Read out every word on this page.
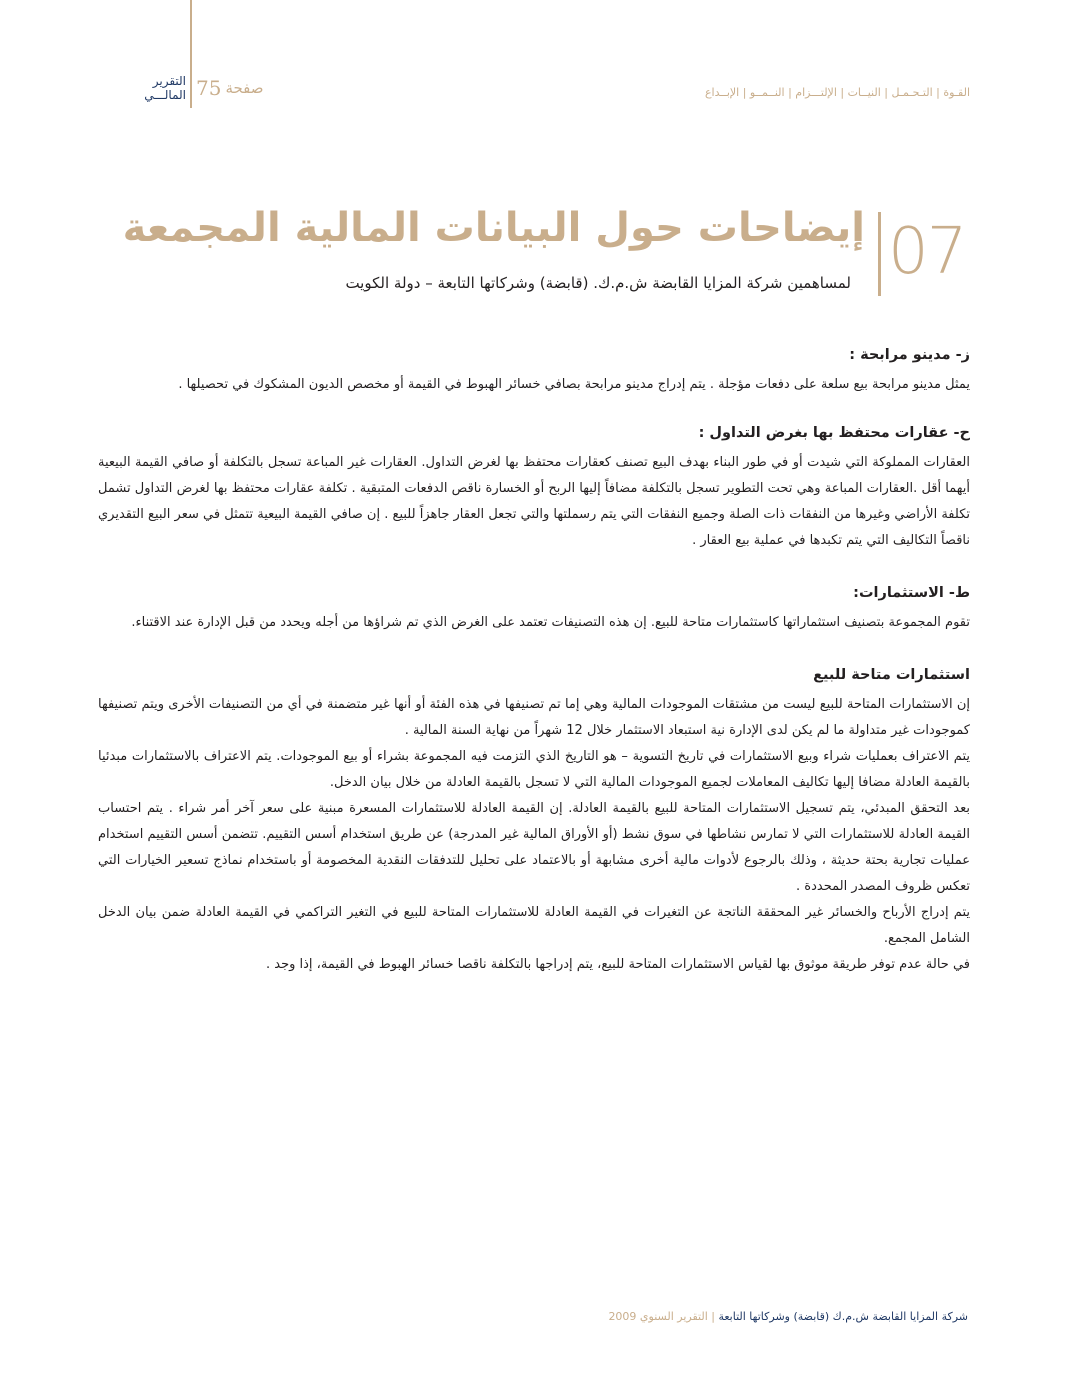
التقرير
المالـــي 75 صفحة	القـوة | التـحـمـل | النيــات | الإلتـــزام | النــمــو | الإبــداع
07
إيضاحات حول البيانات المالية المجمعة
لمساهمين شركة المزايا القابضة ش.م.ك. (قابضة) وشركاتها التابعة – دولة الكويت
ز- مدينو مرابحة :

يمثل مدينو مرابحة بيع سلعة على دفعات مؤجلة . يتم إدراج مدينو مرابحة بصافي خسائر الهبوط في القيمة أو مخصص الديون المشكوك في تحصيلها .

ح- عقارات محتفظ بها بغرض التداول :

العقارات المملوكة التي شيدت أو في طور البناء بهدف البيع تصنف كعقارات محتفظ بها لغرض التداول. العقارات غير المباعة تسجل بالتكلفة أو صافي القيمة البيعية أيهما أقل .العقارات المباعة وهي تحت التطوير تسجل بالتكلفة مضافاً إليها الربح أو الخسارة ناقص الدفعات المتبقية . تكلفة عقارات محتفظ بها لغرض التداول تشمل تكلفة الأراضي وغيرها من النفقات ذات الصلة وجميع النفقات التي يتم رسملتها والتي تجعل العقار جاهزاً للبيع . إن صافي القيمة البيعية تتمثل في سعر البيع التقديري ناقصاً التكاليف التي يتم تكبدها في عملية بيع العقار .

ط- الاستثمارات:

تقوم المجموعة بتصنيف استثماراتها كاستثمارات متاحة للبيع. إن هذه التصنيفات تعتمد على الغرض الذي تم شراؤها من أجله ويحدد من قبل الإدارة عند الاقتناء.

استثمارات متاحة للبيع

إن الاستثمارات المتاحة للبيع ليست من مشتقات الموجودات المالية وهي إما تم تصنيفها في هذه الفئة أو أنها غير متضمنة في أي من التصنيفات الأخرى ويتم تصنيفها كموجودات غير متداولة ما لم يكن لدى الإدارة نية استبعاد الاستثمار خلال 12 شهراً من نهاية السنة المالية .

يتم الاعتراف بعمليات شراء وبيع الاستثمارات في تاريخ التسوية – هو التاريخ الذي التزمت فيه المجموعة بشراء أو بيع الموجودات. يتم الاعتراف بالاستثمارات مبدئيا بالقيمة العادلة مضافا إليها تكاليف المعاملات لجميع الموجودات المالية التي لا تسجل بالقيمة العادلة من خلال بيان الدخل.

بعد التحقق المبدئي، يتم تسجيل الاستثمارات المتاحة للبيع بالقيمة العادلة. إن القيمة العادلة للاستثمارات المسعرة مبنية على سعر آخر أمر شراء . يتم احتساب القيمة العادلة للاستثمارات التي لا تمارس نشاطها في سوق نشط (أو الأوراق المالية غير المدرجة) عن طريق استخدام أسس التقييم. تتضمن أسس التقييم استخدام عمليات تجارية بحتة حديثة ، وذلك بالرجوع لأدوات مالية أخرى مشابهة أو بالاعتماد على تحليل للتدفقات النقدية المخصومة أو باستخدام نماذج تسعير الخيارات التي تعكس ظروف المصدر المحددة .

يتم إدراج الأرباح والخسائر غير المحققة الناتجة عن التغيرات في القيمة العادلة للاستثمارات المتاحة للبيع في التغير التراكمي في القيمة العادلة ضمن بيان الدخل الشامل المجمع.

في حالة عدم توفر طريقة موثوق بها لقياس الاستثمارات المتاحة للبيع، يتم إدراجها بالتكلفة ناقصا خسائر الهبوط في القيمة، إذا وجد .

شركة المزايا القابضة ش.م.ك (قابضة) وشركاتها التابعة | التقرير السنوي 2009
